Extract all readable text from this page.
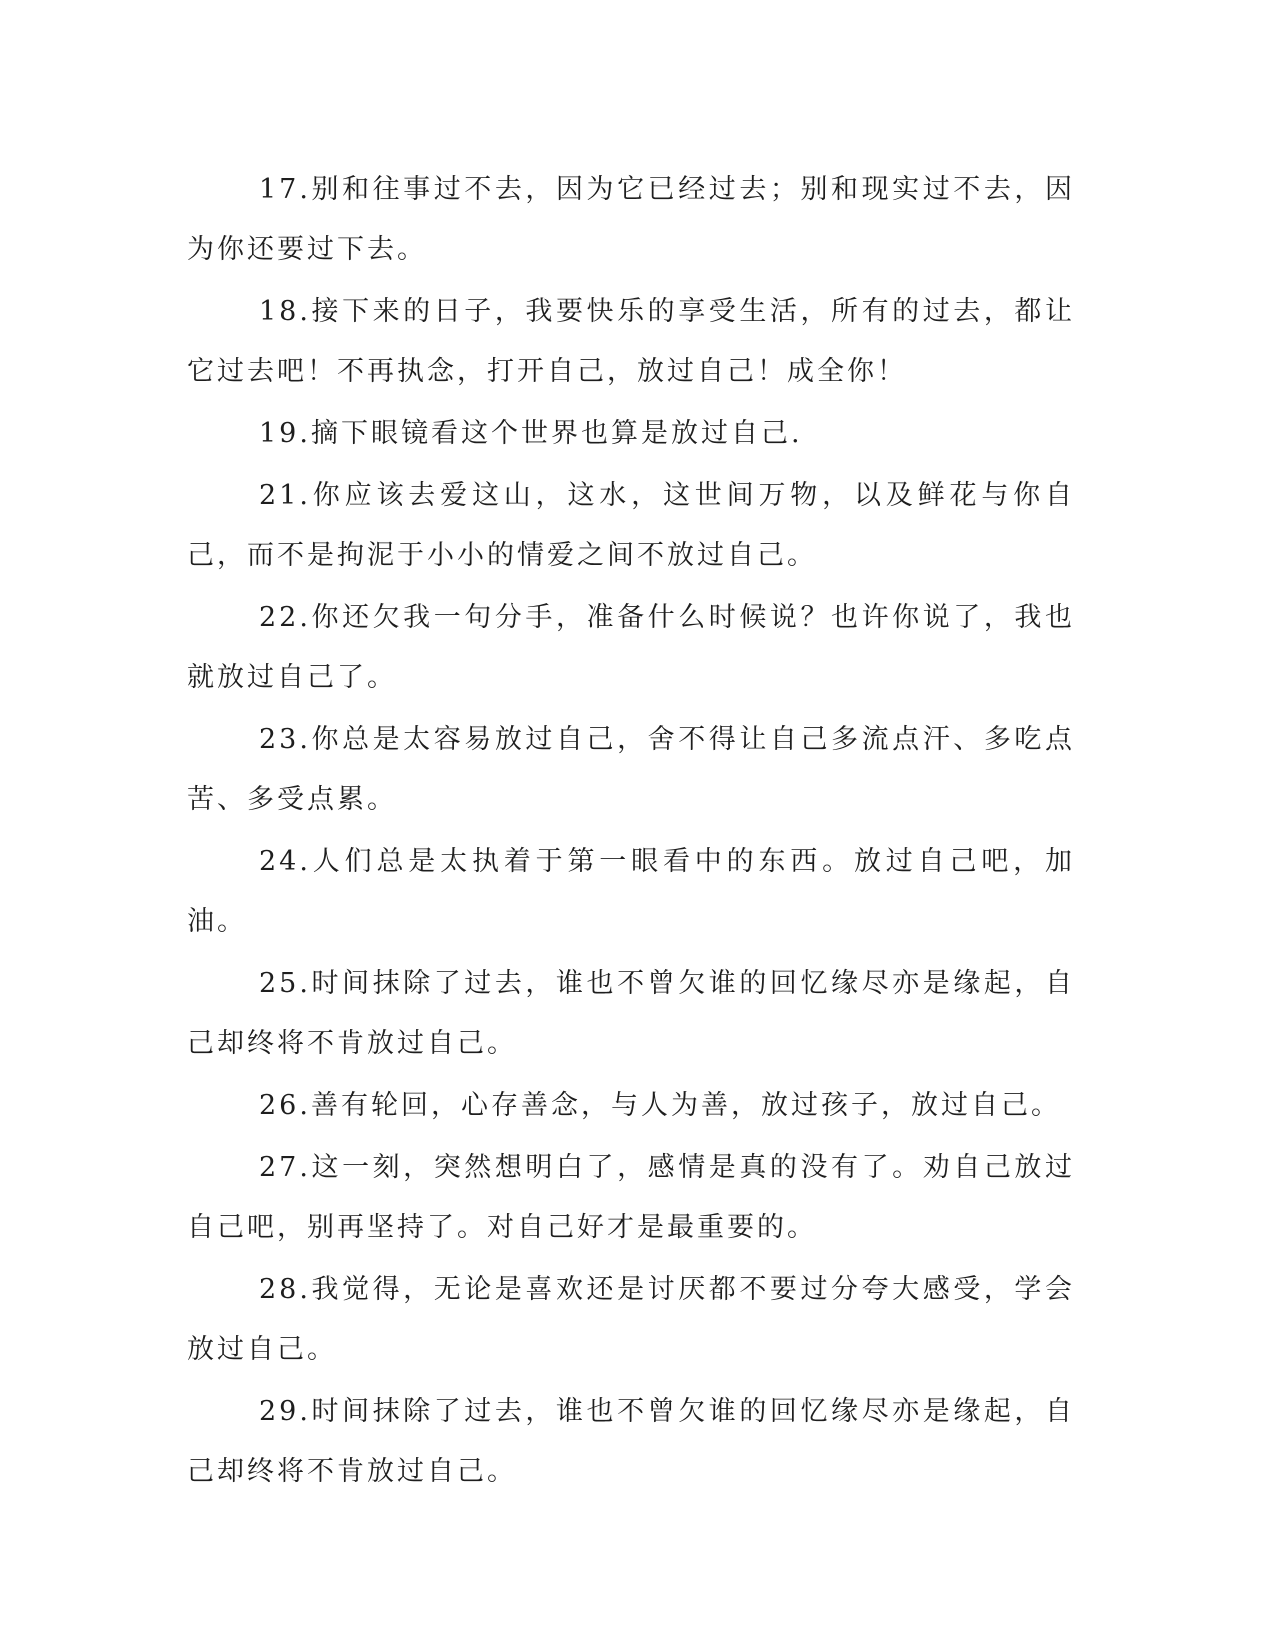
17.别和往事过不去，因为它已经过去；别和现实过不去，因为你还要过下去。

18.接下来的日子，我要快乐的享受生活，所有的过去，都让它过去吧！不再执念，打开自己，放过自己！成全你！

19.摘下眼镜看这个世界也算是放过自己.

21.你应该去爱这山，这水，这世间万物，以及鲜花与你自己，而不是拘泥于小小的情爱之间不放过自己。

22.你还欠我一句分手，准备什么时候说？也许你说了，我也就放过自己了。

23.你总是太容易放过自己，舍不得让自己多流点汗、多吃点苦、多受点累。

24.人们总是太执着于第一眼看中的东西。放过自己吧，加油。

25.时间抹除了过去，谁也不曾欠谁的回忆缘尽亦是缘起，自己却终将不肯放过自己。

26.善有轮回，心存善念，与人为善，放过孩子，放过自己。

27.这一刻，突然想明白了，感情是真的没有了。劝自己放过自己吧，别再坚持了。对自己好才是最重要的。

28.我觉得，无论是喜欢还是讨厌都不要过分夸大感受，学会放过自己。

29.时间抹除了过去，谁也不曾欠谁的回忆缘尽亦是缘起，自己却终将不肯放过自己。
